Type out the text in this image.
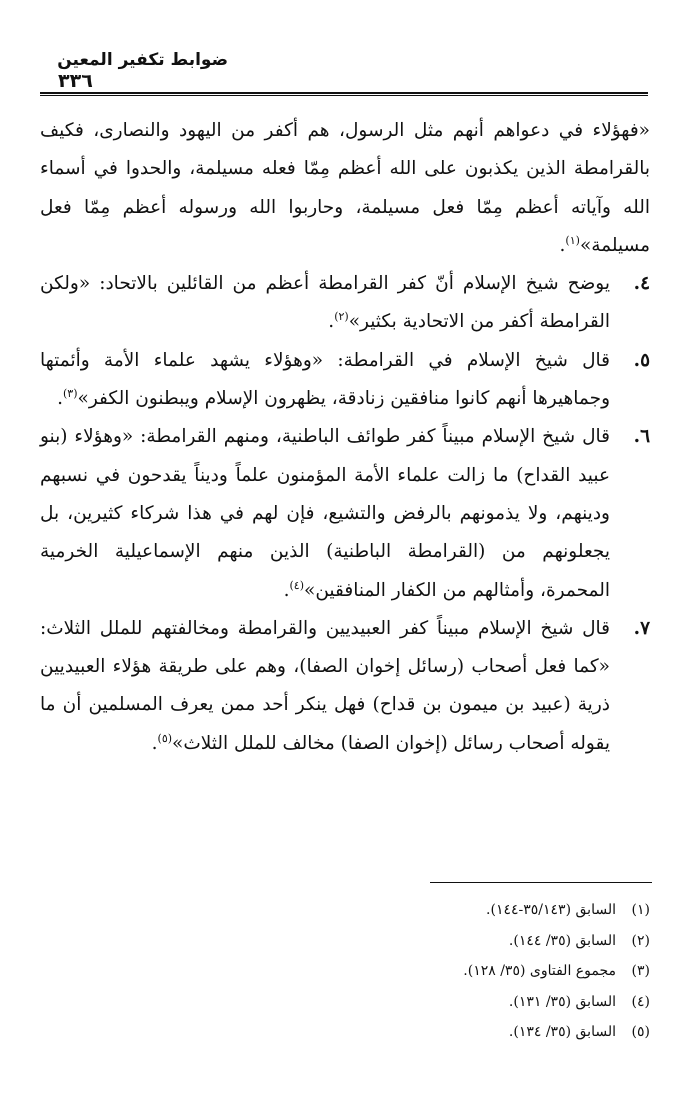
ضوابط تكفير المعين
٣٣٦

«فهؤلاء في دعواهم أنهم مثل الرسول، هم أكفر من اليهود والنصارى، فكيف بالقرامطة الذين يكذبون على الله أعظم مِمّا فعله مسيلمة، والحدوا في أسماء الله وآياته أعظم مِمّا فعل مسيلمة، وحاربوا الله ورسوله أعظم مِمّا فعل مسيلمة»$^{(١)}$.

٤.

يوضح شيخ الإسلام أنّ كفر القرامطة أعظم من القائلين بالاتحاد: «ولكن القرامطة أكفر من الاتحادية بكثير»$^{(٢)}$.

٥.

قال شيخ الإسلام في القرامطة: «وهؤلاء يشهد علماء الأمة وأئمتها وجماهيرها أنهم كانوا منافقين زنادقة، يظهرون الإسلام ويبطنون الكفر»$^{(٣)}$.

٦.

قال شيخ الإسلام مبيناً كفر طوائف الباطنية، ومنهم القرامطة: «وهؤلاء (بنو عبيد القداح) ما زالت علماء الأمة المؤمنون علماً وديناً يقدحون في نسبهم ودينهم، ولا يذمونهم بالرفض والتشيع، فإن لهم في هذا شركاء كثيرين، بل يجعلونهم من (القرامطة الباطنية) الذين منهم الإسماعيلية الخرمية المحمرة، وأمثالهم من الكفار المنافقين»$^{(٤)}$.

٧.

قال شيخ الإسلام مبيناً كفر العبيديين والقرامطة ومخالفتهم للملل الثلاث: «كما فعل أصحاب (رسائل إخوان الصفا)، وهم على طريقة هؤلاء العبيديين ذرية (عبيد بن ميمون بن قداح) فهل ينكر أحد ممن يعرف المسلمين أن ما يقوله أصحاب رسائل (إخوان الصفا) مخالف للملل الثلاث»$^{(٥)}$.

(١)
السابق (٣٥/١٤٣-١٤٤).
(٢)
السابق (٣٥/ ١٤٤).
(٣)
مجموع الفتاوى (٣٥/ ١٢٨).
(٤)
السابق (٣٥/ ١٣١).
(٥)
السابق (٣٥/ ١٣٤).
